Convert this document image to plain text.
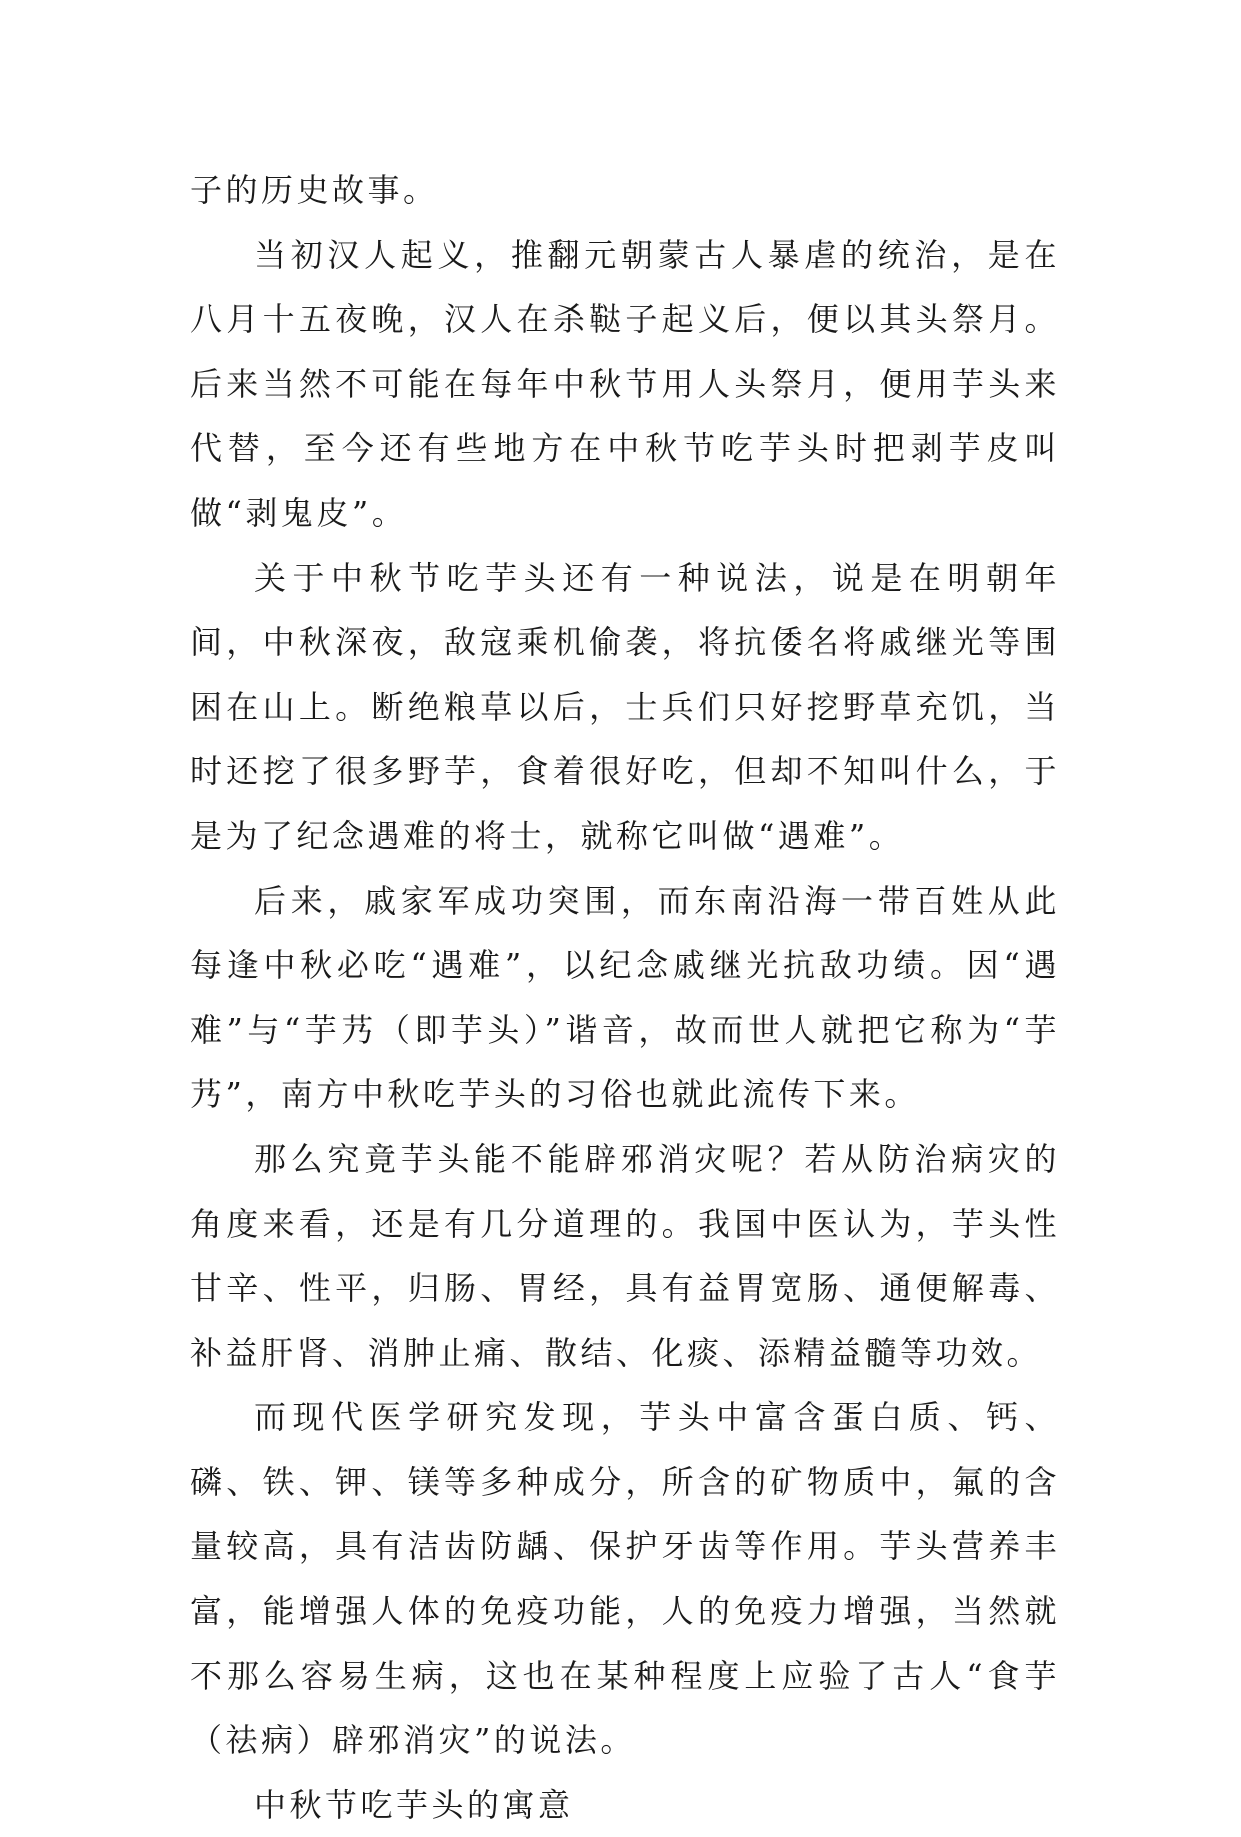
子的历史故事。

当初汉人起义，推翻元朝蒙古人暴虐的统治，是在八月十五夜晚，汉人在杀鞑子起义后，便以其头祭月。后来当然不可能在每年中秋节用人头祭月，便用芋头来代替，至今还有些地方在中秋节吃芋头时把剥芋皮叫做“剥鬼皮”。

关于中秋节吃芋头还有一种说法，说是在明朝年间，中秋深夜，敌寇乘机偷袭，将抗倭名将戚继光等围困在山上。断绝粮草以后，士兵们只好挖野草充饥，当时还挖了很多野芋，食着很好吃，但却不知叫什么，于是为了纪念遇难的将士，就称它叫做“遇难”。

后来，戚家军成功突围，而东南沿海一带百姓从此每逢中秋必吃“遇难”，以纪念戚继光抗敌功绩。因“遇难”与“芋艿（即芋头）”谐音，故而世人就把它称为“芋艿”，南方中秋吃芋头的习俗也就此流传下来。

那么究竟芋头能不能辟邪消灾呢？若从防治病灾的角度来看，还是有几分道理的。我国中医认为，芋头性甘辛、性平，归肠、胃经，具有益胃宽肠、通便解毒、补益肝肾、消肿止痛、散结、化痰、添精益髓等功效。

而现代医学研究发现，芋头中富含蛋白质、钙、磷、铁、钾、镁等多种成分，所含的矿物质中，氟的含量较高，具有洁齿防龋、保护牙齿等作用。芋头营养丰富，能增强人体的免疫功能，人的免疫力增强，当然就不那么容易生病，这也在某种程度上应验了古人“食芋（祛病）辟邪消灾”的说法。

中秋节吃芋头的寓意
